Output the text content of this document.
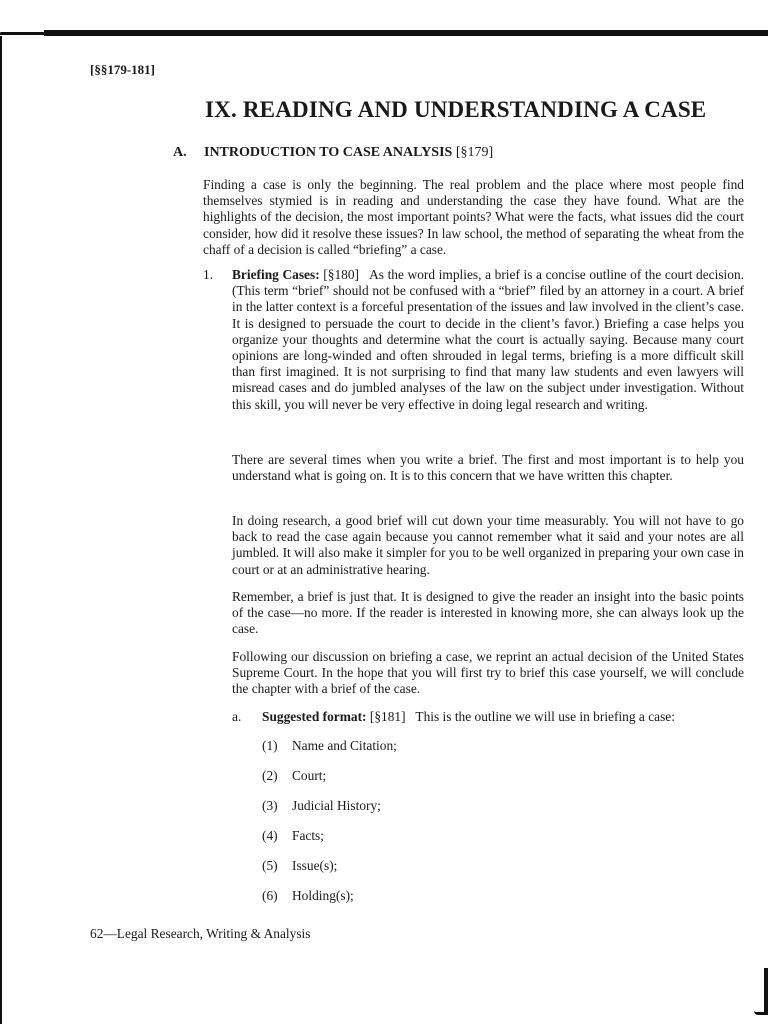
[§§179-181]
IX. READING AND UNDERSTANDING A CASE
A. INTRODUCTION TO CASE ANALYSIS [§179]

Finding a case is only the beginning. The real problem and the place where most people find themselves stymied is in reading and understanding the case they have found. What are the highlights of the decision, the most important points? What were the facts, what issues did the court consider, how did it resolve these issues? In law school, the method of separating the wheat from the chaff of a decision is called “briefing” a case.

1. Briefing Cases: [§180] As the word implies, a brief is a concise outline of the court decision. (This term “brief” should not be confused with a “brief” filed by an attorney in a court. A brief in the latter context is a forceful presentation of the issues and law involved in the client’s case. It is designed to persuade the court to decide in the client’s favor.) Briefing a case helps you organize your thoughts and determine what the court is actually saying. Because many court opinions are long-winded and often shrouded in legal terms, briefing is a more difficult skill than first imagined. It is not surprising to find that many law students and even lawyers will misread cases and do jumbled analyses of the law on the subject under investigation. Without this skill, you will never be very effective in doing legal research and writing.

There are several times when you write a brief. The first and most important is to help you understand what is going on. It is to this concern that we have written this chapter.

In doing research, a good brief will cut down your time measurably. You will not have to go back to read the case again because you cannot remember what it said and your notes are all jumbled. It will also make it simpler for you to be well organized in preparing your own case in court or at an administrative hearing.

Remember, a brief is just that. It is designed to give the reader an insight into the basic points of the case—no more. If the reader is interested in knowing more, she can always look up the case.

Following our discussion on briefing a case, we reprint an actual decision of the United States Supreme Court. In the hope that you will first try to brief this case yourself, we will conclude the chapter with a brief of the case.

a. Suggested format: [§181] This is the outline we will use in briefing a case:
(1) Name and Citation;
(2) Court;
(3) Judicial History;
(4) Facts;
(5) Issue(s);
(6) Holding(s);
62—Legal Research, Writing & Analysis
